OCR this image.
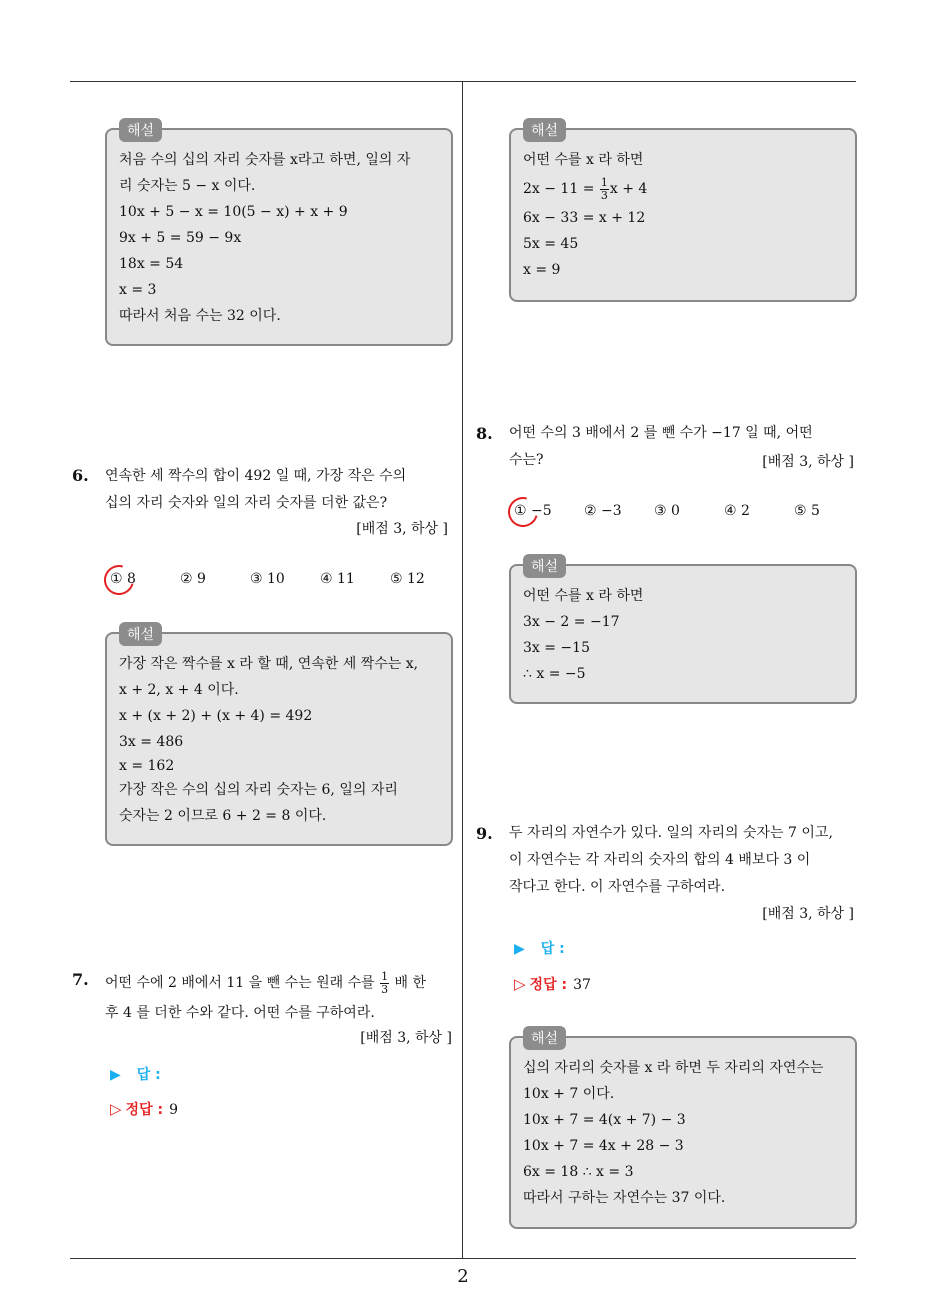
해설
처음 수의 십의 자리 숫자를 x라고 하면, 일의 자
리 숫자는 5 − x 이다.
10x + 5 − x = 10(5 − x) + x + 9
9x + 5 = 59 − 9x
18x = 54
x = 3
따라서 처음 수는 32 이다.
6. 연속한 세 짝수의 합이 492 일 때, 가장 작은 수의
십의 자리 숫자와 일의 자리 숫자를 더한 값은?
[배점 3, 하상 ]
① 8	② 9	③ 10	④ 11	⑤ 12
해설
가장 작은 짝수를 x 라 할 때, 연속한 세 짝수는 x,
x + 2, x + 4 이다.
x + (x + 2) + (x + 4) = 492
3x = 486
x = 162
가장 작은 수의 십의 자리 숫자는 6, 일의 자리
숫자는 2 이므로 6 + 2 = 8 이다.
7. 어떤 수에 2 배에서 11 을 뺀 수는 원래 수를 $\frac{1}{3}$ 배 한
후 4 를 더한 수와 같다. 어떤 수를 구하여라.
[배점 3, 하상 ]
▶ 답 :
▷ 정답 : 9
해설
어떤 수를 x 라 하면
$2x - 11 = \frac{1}{3}$ x + 4
6x − 33 = x + 12
5x = 45
x = 9
8. 어떤 수의 3 배에서 2 를 뺀 수가 −17 일 때, 어떤
수는?	[배점 3, 하상 ]
① −5 ② −3 ③ 0	④ 2	⑤ 5
해설
어떤 수를 x 라 하면
3x − 2 = −17
3x = −15
∴ x = −5
9. 두 자리의 자연수가 있다. 일의 자리의 숫자는 7 이고,
이 자연수는 각 자리의 숫자의 합의 4 배보다 3 이
작다고 한다. 이 자연수를 구하여라.
[배점 3, 하상 ]
▶ 답 :
▷ 정답 : 37
해설
십의 자리의 숫자를 x 라 하면 두 자리의 자연수는
10x + 7 이다.
10x + 7 = 4(x + 7) − 3
10x + 7 = 4x + 28 − 3
6x = 18 ∴ x = 3
따라서 구하는 자연수는 37 이다.
2
